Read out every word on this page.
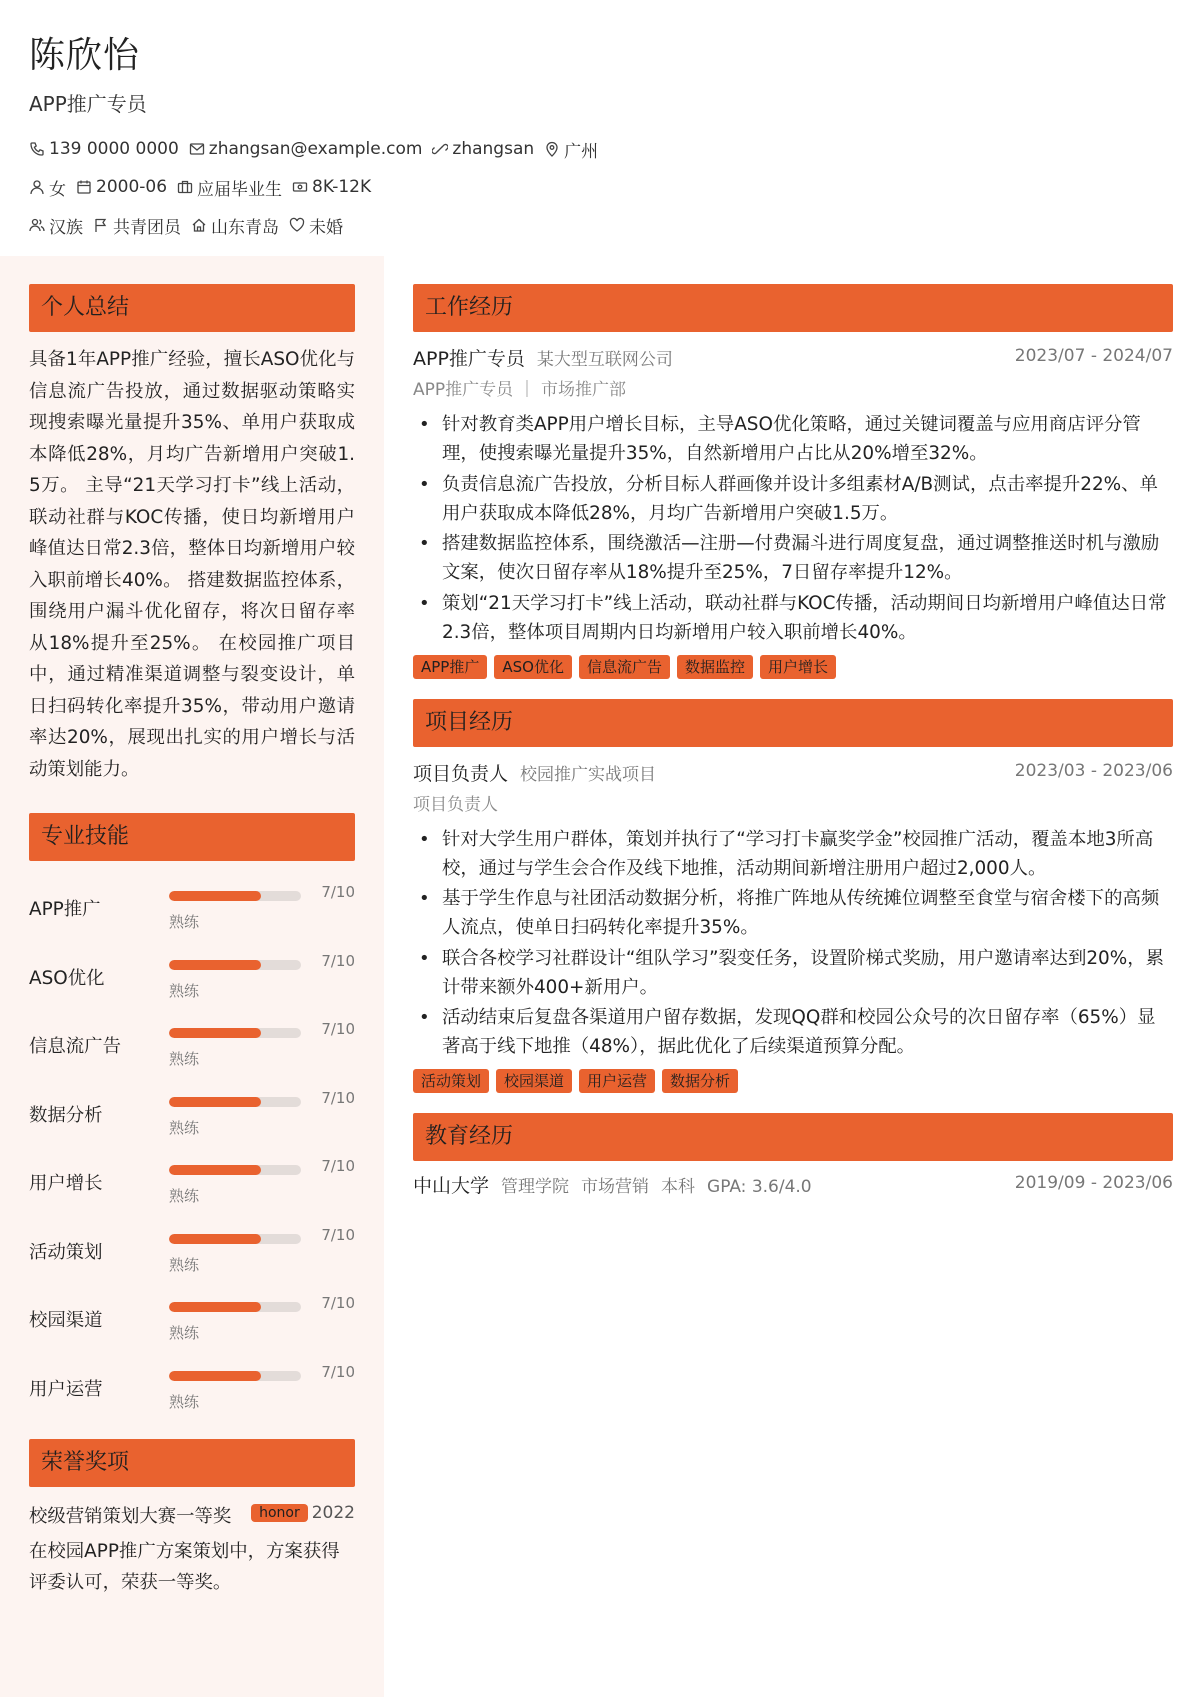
陈欣怡
APP推广专员
139 0000 0000 zhangsan@example.com zhangsan 广州
女 2000-06 应届毕业生 8K-12K
汉族 共青团员 山东青岛 未婚
个人总结
具备1年APP推广经验，擅长ASO优化与信息流广告投放，通过数据驱动策略实现搜索曝光量提升35%、单用户获取成本降低28%，月均广告新增用户突破1.5万。 主导“21天学习打卡”线上活动，联动社群与KOC传播，使日均新增用户峰值达日常2.3倍，整体日均新增用户较入职前增长40%。 搭建数据监控体系，围绕用户漏斗优化留存，将次日留存率从18%提升至25%。 在校园推广项目中，通过精准渠道调整与裂变设计，单日扫码转化率提升35%，带动用户邀请率达20%，展现出扎实的用户增长与活动策划能力。
专业技能
APP推广
7/10
熟练
ASO优化
7/10
熟练
信息流广告
7/10
熟练
数据分析
7/10
熟练
用户增长
7/10
熟练
活动策划
7/10
熟练
校园渠道
7/10
熟练
用户运营
7/10
熟练
荣誉奖项
校级营销策划大赛一等奖	honor 2022
在校园APP推广方案策划中，方案获得评委认可，荣获一等奖。
工作经历
APP推广专员 某大型互联网公司	2023/07 - 2024/07
APP推广专员 ｜ 市场推广部
• 针对教育类APP用户增长目标，主导ASO优化策略，通过关键词覆盖与应用商店评分管理，使搜索曝光量提升35%，自然新增用户占比从20%增至32%。
• 负责信息流广告投放，分析目标人群画像并设计多组素材A/B测试，点击率提升22%、单用户获取成本降低28%，月均广告新增用户突破1.5万。
• 搭建数据监控体系，围绕激活—注册—付费漏斗进行周度复盘，通过调整推送时机与激励文案，使次日留存率从18%提升至25%，7日留存率提升12%。
• 策划“21天学习打卡”线上活动，联动社群与KOC传播，活动期间日均新增用户峰值达日常2.3倍，整体项目周期内日均新增用户较入职前增长40%。
APP推广	ASO优化	信息流广告	数据监控	用户增长
项目经历
项目负责人 校园推广实战项目	2023/03 - 2023/06
项目负责人
• 针对大学生用户群体，策划并执行了“学习打卡赢奖学金”校园推广活动，覆盖本地3所高校，通过与学生会合作及线下地推，活动期间新增注册用户超过2,000人。
• 基于学生作息与社团活动数据分析，将推广阵地从传统摊位调整至食堂与宿舍楼下的高频人流点，使单日扫码转化率提升35%。
• 联合各校学习社群设计“组队学习”裂变任务，设置阶梯式奖励，用户邀请率达到20%，累计带来额外400+新用户。
• 活动结束后复盘各渠道用户留存数据，发现QQ群和校园公众号的次日留存率（65%）显著高于线下地推（48%），据此优化了后续渠道预算分配。
活动策划	校园渠道	用户运营	数据分析
教育经历
中山大学 管理学院 市场营销 本科 GPA: 3.6/4.0	2019/09 - 2023/06
